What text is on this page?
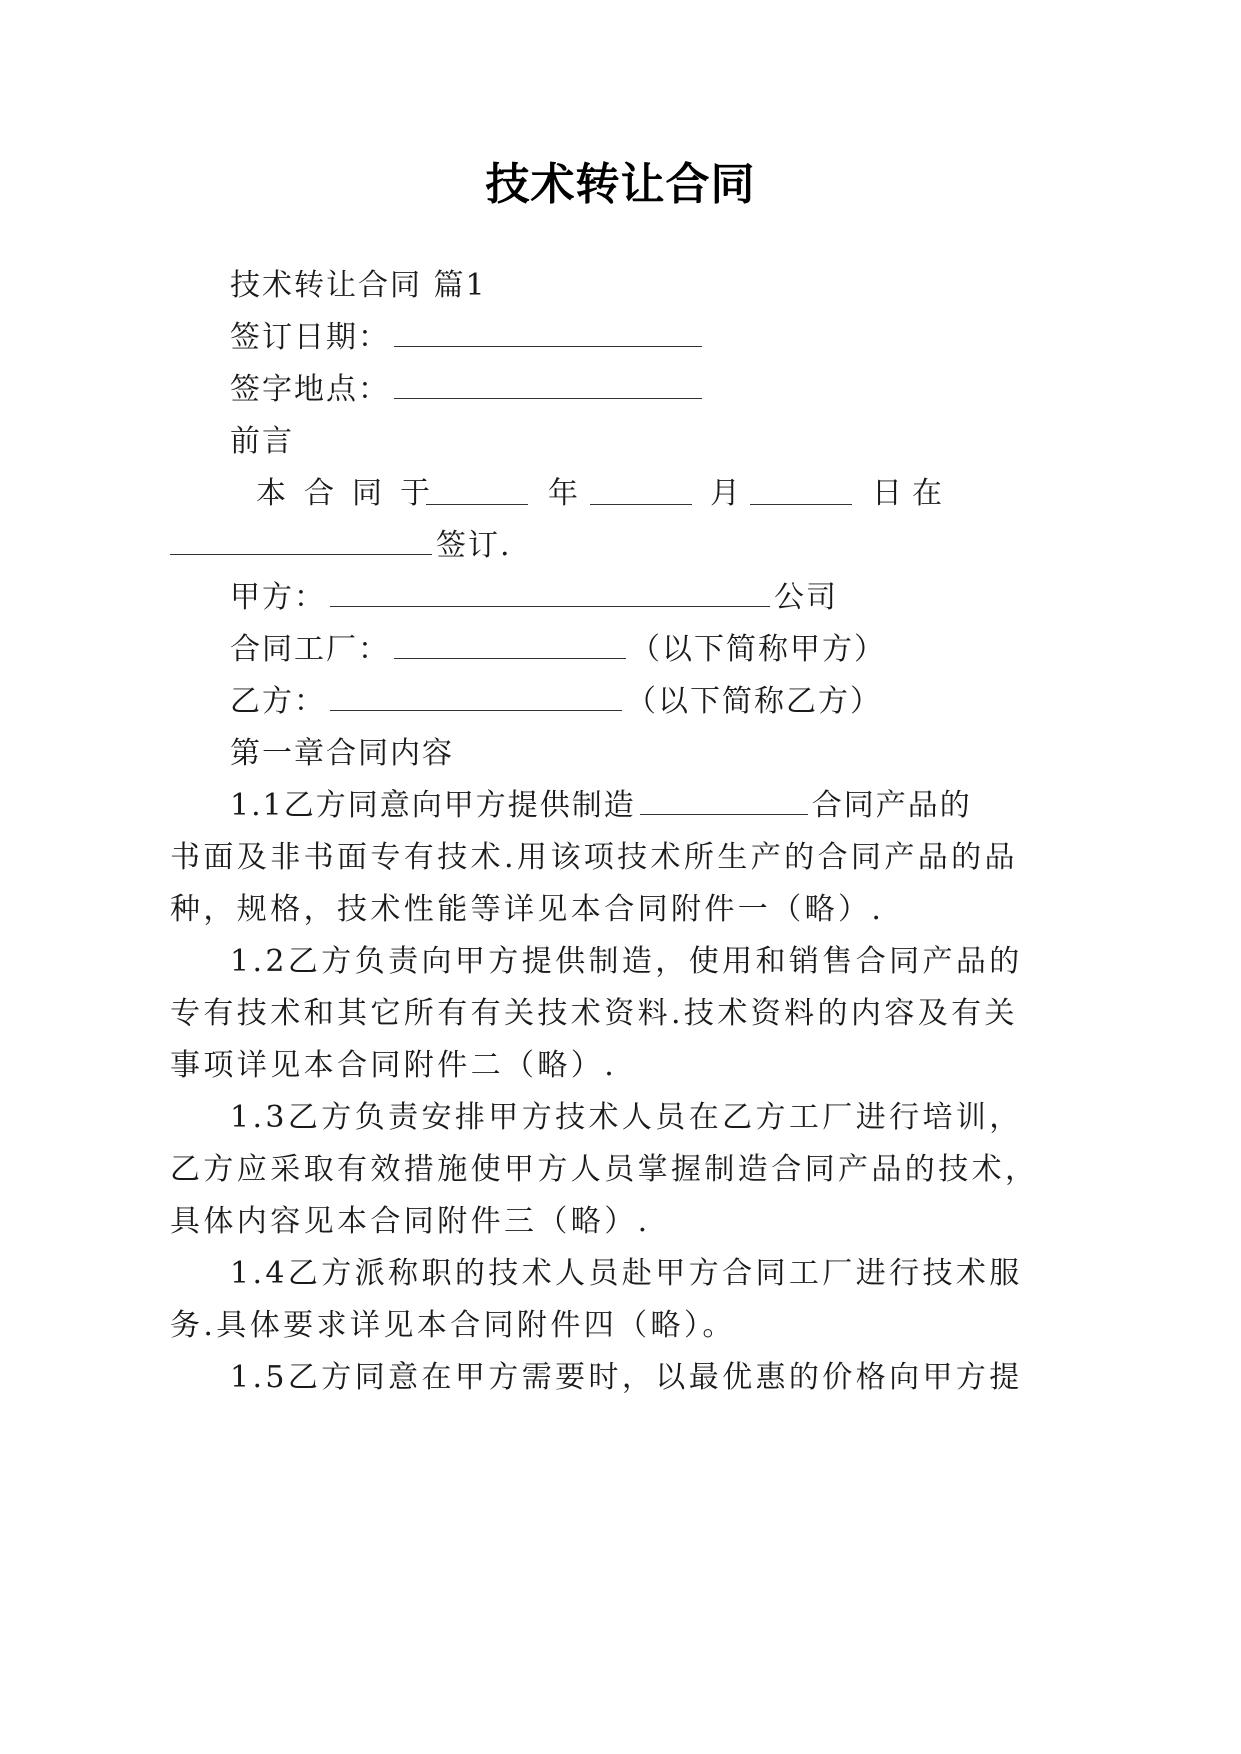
技术转让合同
技术转让合同 篇1
签订日期：
签字地点：
前言
本 合 同 于	年	月	日 在
签订.
甲方：	公司
合同工厂：	（以下简称甲方）
乙方：	（以下简称乙方）
第一章合同内容
1.1乙方同意向甲方提供制造	合同产品的
书面及非书面专有技术.用该项技术所生产的合同产品的品
种，规格，技术性能等详见本合同附件一（略）.
1.2乙方负责向甲方提供制造，使用和销售合同产品的
专有技术和其它所有有关技术资料.技术资料的内容及有关
事项详见本合同附件二（略）.
1.3乙方负责安排甲方技术人员在乙方工厂进行培训，
乙方应采取有效措施使甲方人员掌握制造合同产品的技术，
具体内容见本合同附件三（略）.
1.4乙方派称职的技术人员赴甲方合同工厂进行技术服
务.具体要求详见本合同附件四（略）。
1.5乙方同意在甲方需要时，以最优惠的价格向甲方提
